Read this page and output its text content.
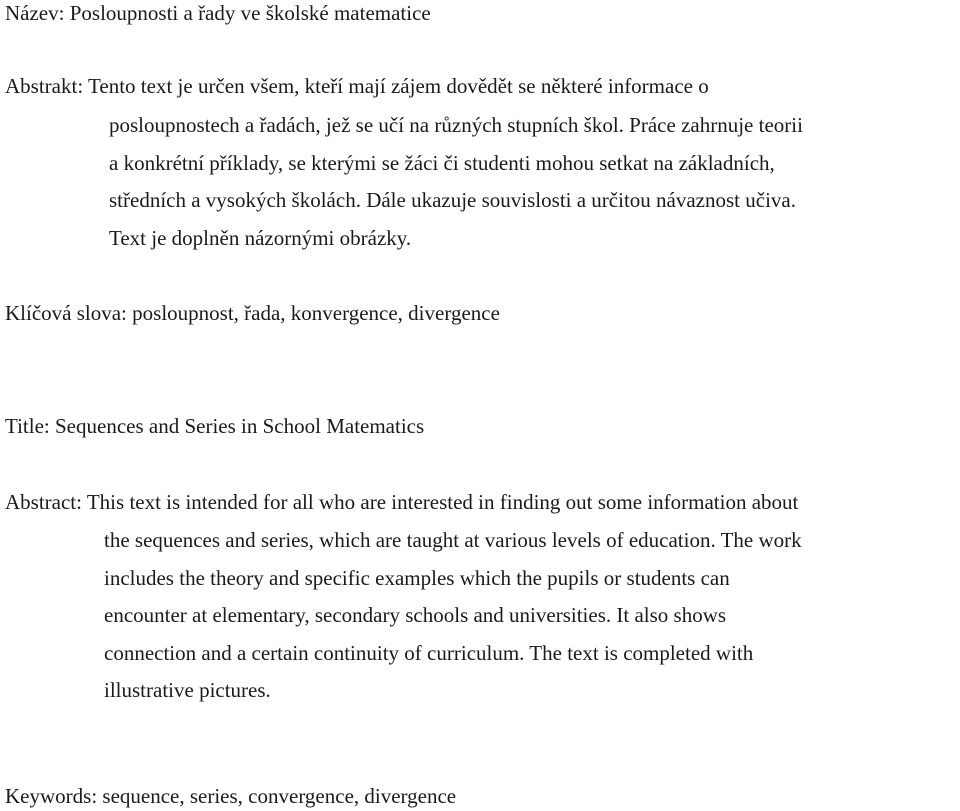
Název: Posloupnosti a řady ve školské matematice
Abstrakt: Tento text je určen všem, kteří mají zájem dovědět se některé informace o
posloupnostech a řadách, jež se učí na různých stupních škol. Práce zahrnuje teorii
a konkrétní příklady, se kterými se žáci či studenti mohou setkat na základních,
středních a vysokých školách. Dále ukazuje souvislosti a určitou návaznost učiva.
Text je doplněn názornými obrázky.
Klíčová slova: posloupnost, řada, konvergence, divergence
Title: Sequences and Series in School Matematics
Abstract: This text is intended for all who are interested in finding out some information about
the sequences and series, which are taught at various levels of education. The work
includes the theory and specific examples which the pupils or students can
encounter at elementary, secondary schools and universities. It also shows
connection and a certain continuity of curriculum. The text is completed with
illustrative pictures.
Keywords: sequence, series, convergence, divergence
